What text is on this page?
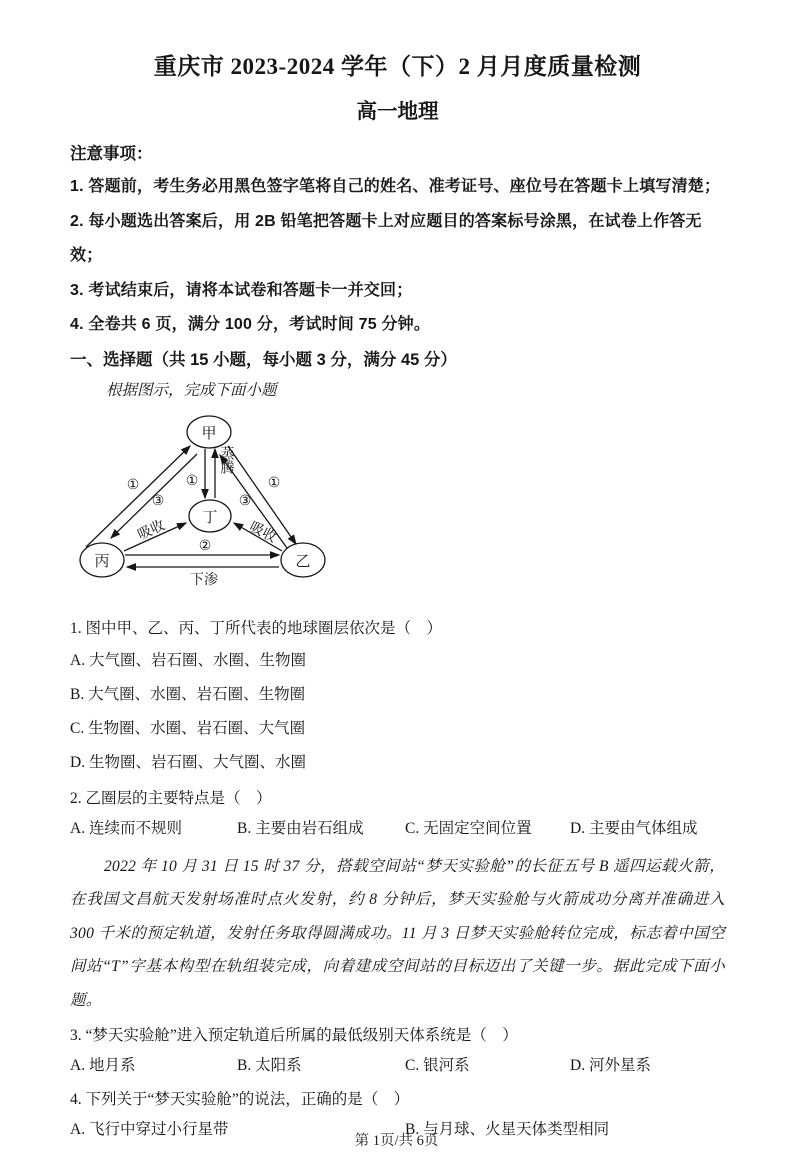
重庆市 2023-2024 学年（下）2 月月度质量检测
高一地理
注意事项：
1. 答题前，考生务必用黑色签字笔将自己的姓名、准考证号、座位号在答题卡上填写清楚；
2. 每小题选出答案后，用 2B 铅笔把答题卡上对应题目的答案标号涂黑，在试卷上作答无效；
3. 考试结束后，请将本试卷和答题卡一并交回；
4. 全卷共 6 页，满分 100 分，考试时间 75 分钟。
一、选择题（共 15 小题，每小题 3 分，满分 45 分）
根据图示，完成下面小题
甲
丁
丙	乙
①
③
①
蒸腾
①
③
吸收	吸收
②
下渗
1. 图中甲、乙、丙、丁所代表的地球圈层依次是（　）
A. 大气圈、岩石圈、水圈、生物圈
B. 大气圈、水圈、岩石圈、生物圈
C. 生物圈、水圈、岩石圈、大气圈
D. 生物圈、岩石圈、大气圈、水圈
2. 乙圈层的主要特点是（　）
A. 连续而不规则	B. 主要由岩石组成	C. 无固定空间位置	D. 主要由气体组成
2022 年 10 月 31 日 15 时 37 分，搭载空间站“梦天实验舱”的长征五号 B 遥四运载火箭，在我国文昌航天发射场准时点火发射，约 8 分钟后，梦天实验舱与火箭成功分离并准确进入 300 千米的预定轨道，发射任务取得圆满成功。11 月 3 日梦天实验舱转位完成，标志着中国空间站“T”字基本构型在轨组装完成，向着建成空间站的目标迈出了关键一步。据此完成下面小题。
3. “梦天实验舱”进入预定轨道后所属的最低级别天体系统是（　）
A. 地月系	B. 太阳系	C. 银河系	D. 河外星系
4. 下列关于“梦天实验舱”的说法，正确的是（　）
A. 飞行中穿过小行星带	B. 与月球、火星天体类型相同
第 1页/共 6页
